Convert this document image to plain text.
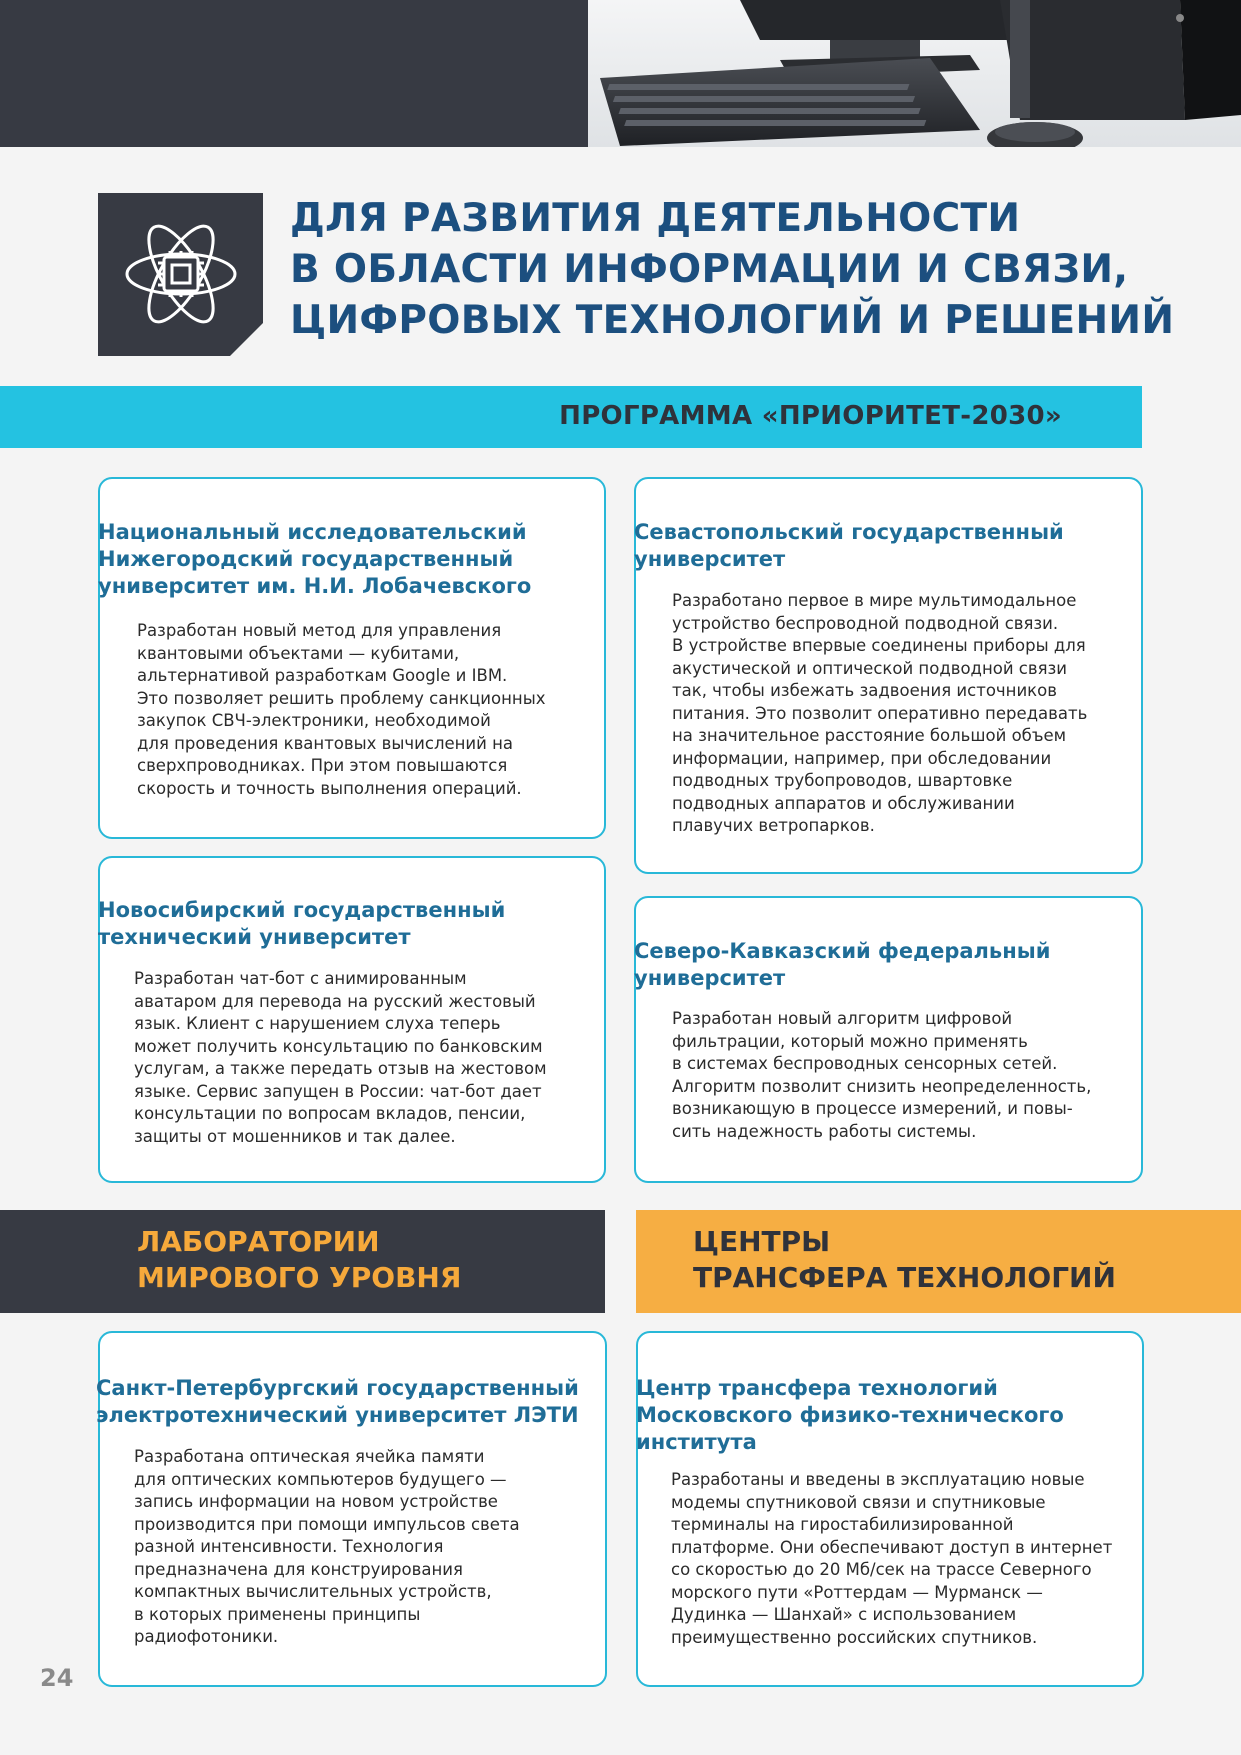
ДЛЯ РАЗВИТИЯ ДЕЯТЕЛЬНОСТИ
В ОБЛАСТИ ИНФОРМАЦИИ И СВЯЗИ,
ЦИФРОВЫХ ТЕХНОЛОГИЙ И РЕШЕНИЙ
ПРОГРАММА «ПРИОРИТЕТ-2030»
Национальный исследовательский
Нижегородский государственный
университет им. Н.И. Лобачевского
Разработан новый метод для управления
квантовыми объектами — кубитами,
альтернативой разработкам Google и IBM.
Это позволяет решить проблему санкционных
закупок СВЧ-электроники, необходимой
для проведения квантовых вычислений на
сверхпроводниках. При этом повышаются
скорость и точность выполнения операций.
Севастопольский государственный
университет
Разработано первое в мире мультимодальное
устройство беспроводной подводной связи.
В устройстве впервые соединены приборы для
акустической и оптической подводной связи
так, чтобы избежать задвоения источников
питания. Это позволит оперативно передавать
на значительное расстояние большой объем
информации, например, при обследовании
подводных трубопроводов, швартовке
подводных аппаратов и обслуживании
плавучих ветропарков.
Новосибирский государственный
технический университет
Разработан чат-бот с анимированным
аватаром для перевода на русский жестовый
язык. Клиент с нарушением слуха теперь
может получить консультацию по банковским
услугам, а также передать отзыв на жестовом
языке. Сервис запущен в России: чат-бот дает
консультации по вопросам вкладов, пенсии,
защиты от мошенников и так далее.
Северо-Кавказский федеральный
университет
Разработан новый алгоритм цифровой
фильтрации, который можно применять
в системах беспроводных сенсорных сетей.
Алгоритм позволит снизить неопределенность,
возникающую в процессе измерений, и повы-
сить надежность работы системы.
ЛАБОРАТОРИИ
МИРОВОГО УРОВНЯ
ЦЕНТРЫ
ТРАНСФЕРА ТЕХНОЛОГИЙ
Санкт-Петербургский государственный
электротехнический университет ЛЭТИ
Разработана оптическая ячейка памяти
для оптических компьютеров будущего —
запись информации на новом устройстве
производится при помощи импульсов света
разной интенсивности. Технология
предназначена для конструирования
компактных вычислительных устройств,
в которых применены принципы
радиофотоники.
Центр трансфера технологий
Московского физико-технического
института
Разработаны и введены в эксплуатацию новые
модемы спутниковой связи и спутниковые
терминалы на гиростабилизированной
платформе. Они обеспечивают доступ в интернет
со скоростью до 20 Мб/сек на трассе Северного
морского пути «Роттердам — Мурманск —
Дудинка — Шанхай» с использованием
преимущественно российских спутников.
24
